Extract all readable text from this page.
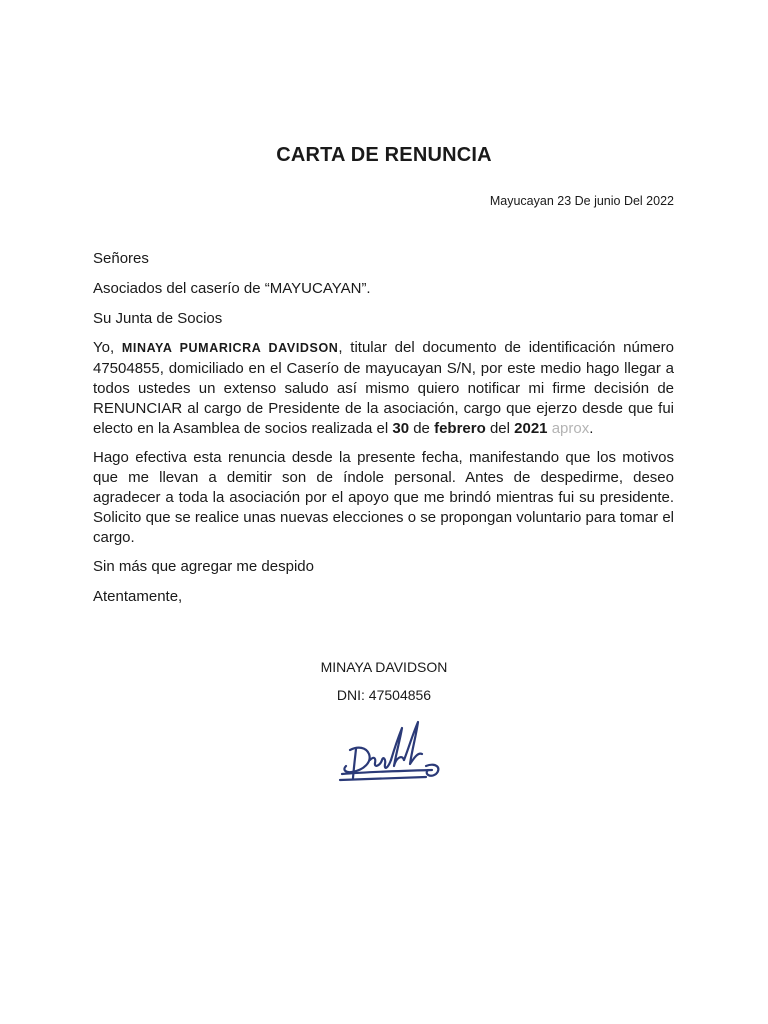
CARTA DE RENUNCIA
Mayucayan 23 De junio Del 2022

Señores

Asociados del caserío de “MAYUCAYAN”.

Su Junta de Socios

Yo, MINAYA PUMARICRA DAVIDSON, titular del documento de identificación número 47504855, domiciliado en el Caserío de mayucayan S/N, por este medio hago llegar a todos ustedes un extenso saludo así mismo quiero notificar mi firme decisión de RENUNCIAR al cargo de Presidente de la asociación, cargo que ejerzo desde que fui electo en la Asamblea de socios realizada el 30 de febrero del 2021 aprox.

Hago efectiva esta renuncia desde la presente fecha, manifestando que los motivos que me llevan a demitir son de índole personal. Antes de despedirme, deseo agradecer a toda la asociación por el apoyo que me brindó mientras fui su presidente. Solicito que se realice unas nuevas elecciones o se propongan voluntario para tomar el cargo.

Sin más que agregar me despido

Atentamente,

MINAYA DAVIDSON
DNI: 47504856
